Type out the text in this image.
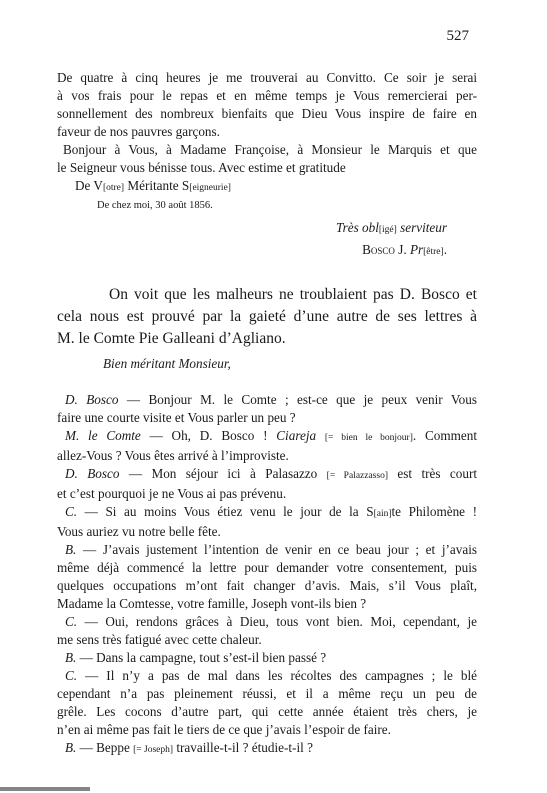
527

De quatre à cinq heures je me trouverai au Convitto. Ce soir je serai

à vos frais pour le repas et en même temps je Vous remercierai per-

sonnellement des nombreux bienfaits que Dieu Vous inspire de faire en

faveur de nos pauvres garçons.

Bonjour à Vous, à Madame Françoise, à Monsieur le Marquis et que

le Seigneur vous bénisse tous. Avec estime et gratitude

De V[otre] Méritante S[eigneurie]

De chez moi, 30 août 1856.

Très obl[igé] serviteur
Bosco J. Pr[être].

On voit que les malheurs ne troublaient pas D. Bosco et

cela nous est prouvé par la gaieté d’une autre de ses lettres à

M. le Comte Pie Galleani d’Agliano.

Bien méritant Monsieur,

D. Bosco — Bonjour M. le Comte ; est-ce que je peux venir Vous

faire une courte visite et Vous parler un peu ?

M. le Comte — Oh, D. Bosco ! Ciareja [= bien le bonjour]. Comment

allez-Vous ? Vous êtes arrivé à l’improviste.

D. Bosco — Mon séjour ici à Palasazzo [= Palazzasso] est très court

et c’est pourquoi je ne Vous ai pas prévenu.

C. — Si au moins Vous étiez venu le jour de la S[ain]te Philomène !

Vous auriez vu notre belle fête.

B. — J’avais justement l’intention de venir en ce beau jour ; et j’avais

même déjà commencé la lettre pour demander votre consentement, puis

quelques occupations m’ont fait changer d’avis. Mais, s’il Vous plaît,

Madame la Comtesse, votre famille, Joseph vont-ils bien ?

C. — Oui, rendons grâces à Dieu, tous vont bien. Moi, cependant, je

me sens très fatigué avec cette chaleur.

B. — Dans la campagne, tout s’est-il bien passé ?

C. — Il n’y a pas de mal dans les récoltes des campagnes ; le blé

cependant n’a pas pleinement réussi, et il a même reçu un peu de

grêle. Les cocons d’autre part, qui cette année étaient très chers, je

n’en ai même pas fait le tiers de ce que j’avais l’espoir de faire.

B. — Beppe [= Joseph] travaille-t-il ? étudie-t-il ?
